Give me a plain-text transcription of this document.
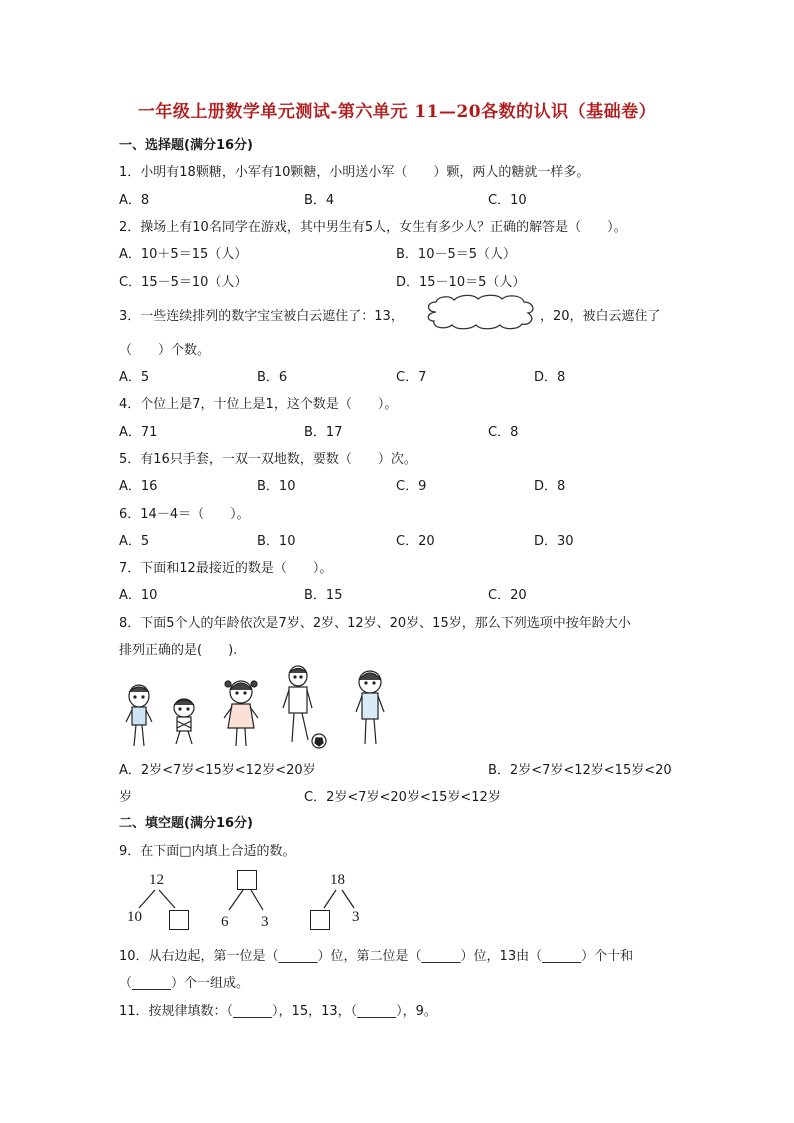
一年级上册数学单元测试-第六单元 11—20各数的认识（基础卷）
一、选择题(满分16分)
1．小明有18颗糖，小军有10颗糖，小明送小军（　　）颗，两人的糖就一样多。
A．8	B．4	C．10
2．操场上有10名同学在游戏，其中男生有5人，女生有多少人？正确的解答是（　　）。
A．10＋5＝15（人）	B．10－5＝5（人）
C．15－5＝10（人）	D．15－10＝5（人）
3．一些连续排列的数字宝宝被白云遮住了：13，	，20，被白云遮住了
（　　）个数。
A．5	B．6	C．7	D．8
4．个位上是7，十位上是1，这个数是（　　）。
A．71	B．17	C．8
5．有16只手套，一双一双地数，要数（　　）次。
A．16	B．10	C．9	D．8
6．14－4＝（　　）。
A．5	B．10	C．20	D．30
7．下面和12最接近的数是（　　）。
A．10	B．15	C．20
8．下面5个人的年龄依次是7岁、2岁、12岁、20岁、15岁，那么下列选项中按年龄大小
排列正确的是(　　).
A．2岁<7岁<15岁<12岁<20岁	B．2岁<7岁<12岁<15岁<20
岁	C．2岁<7岁<20岁<15岁<12岁
二、填空题(满分16分)
9．在下面□内填上合适的数。
12
10	6 3
18
3
10．从右边起，第一位是（______）位，第二位是（______）位，13由（______）个十和
（______）个一组成。
11．按规律填数：（______），15，13，（______），9。
